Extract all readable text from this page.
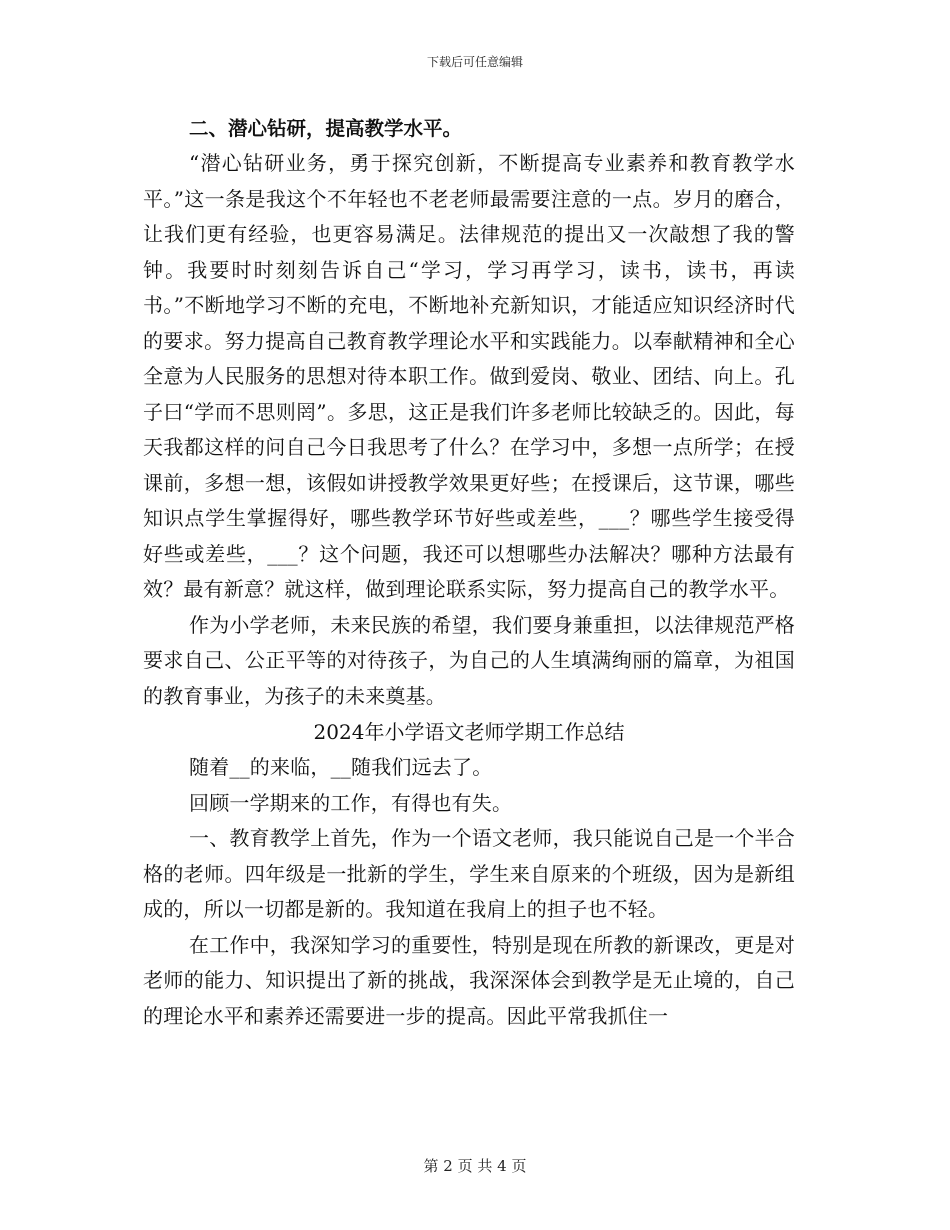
下载后可任意编辑

二、潜心钻研，提高教学水平。

“潜心钻研业务，勇于探究创新，不断提高专业素养和教育教学水平。”这一条是我这个不年轻也不老老师最需要注意的一点。岁月的磨合，让我们更有经验，也更容易满足。法律规范的提出又一次敲想了我的警钟。我要时时刻刻告诉自己“学习，学习再学习，读书，读书，再读书。”不断地学习不断的充电，不断地补充新知识，才能适应知识经济时代的要求。努力提高自己教育教学理论水平和实践能力。以奉献精神和全心全意为人民服务的思想对待本职工作。做到爱岗、敬业、团结、向上。孔子曰“学而不思则罔”。多思，这正是我们许多老师比较缺乏的。因此，每天我都这样的问自己今日我思考了什么？在学习中，多想一点所学；在授课前，多想一想，该假如讲授教学效果更好些；在授课后，这节课，哪些知识点学生掌握得好，哪些教学环节好些或差些，___？哪些学生接受得好些或差些，___？这个问题，我还可以想哪些办法解决？哪种方法最有效？最有新意？就这样，做到理论联系实际，努力提高自己的教学水平。

作为小学老师，未来民族的希望，我们要身兼重担，以法律规范严格要求自己、公正平等的对待孩子，为自己的人生填满绚丽的篇章，为祖国的教育事业，为孩子的未来奠基。

2024年小学语文老师学期工作总结

随着__的来临，__随我们远去了。

回顾一学期来的工作，有得也有失。

一、教育教学上首先，作为一个语文老师，我只能说自己是一个半合格的老师。四年级是一批新的学生，学生来自原来的个班级，因为是新组成的，所以一切都是新的。我知道在我肩上的担子也不轻。

在工作中，我深知学习的重要性，特别是现在所教的新课改，更是对老师的能力、知识提出了新的挑战，我深深体会到教学是无止境的，自己的理论水平和素养还需要进一步的提高。因此平常我抓住一

第 2 页 共 4 页
